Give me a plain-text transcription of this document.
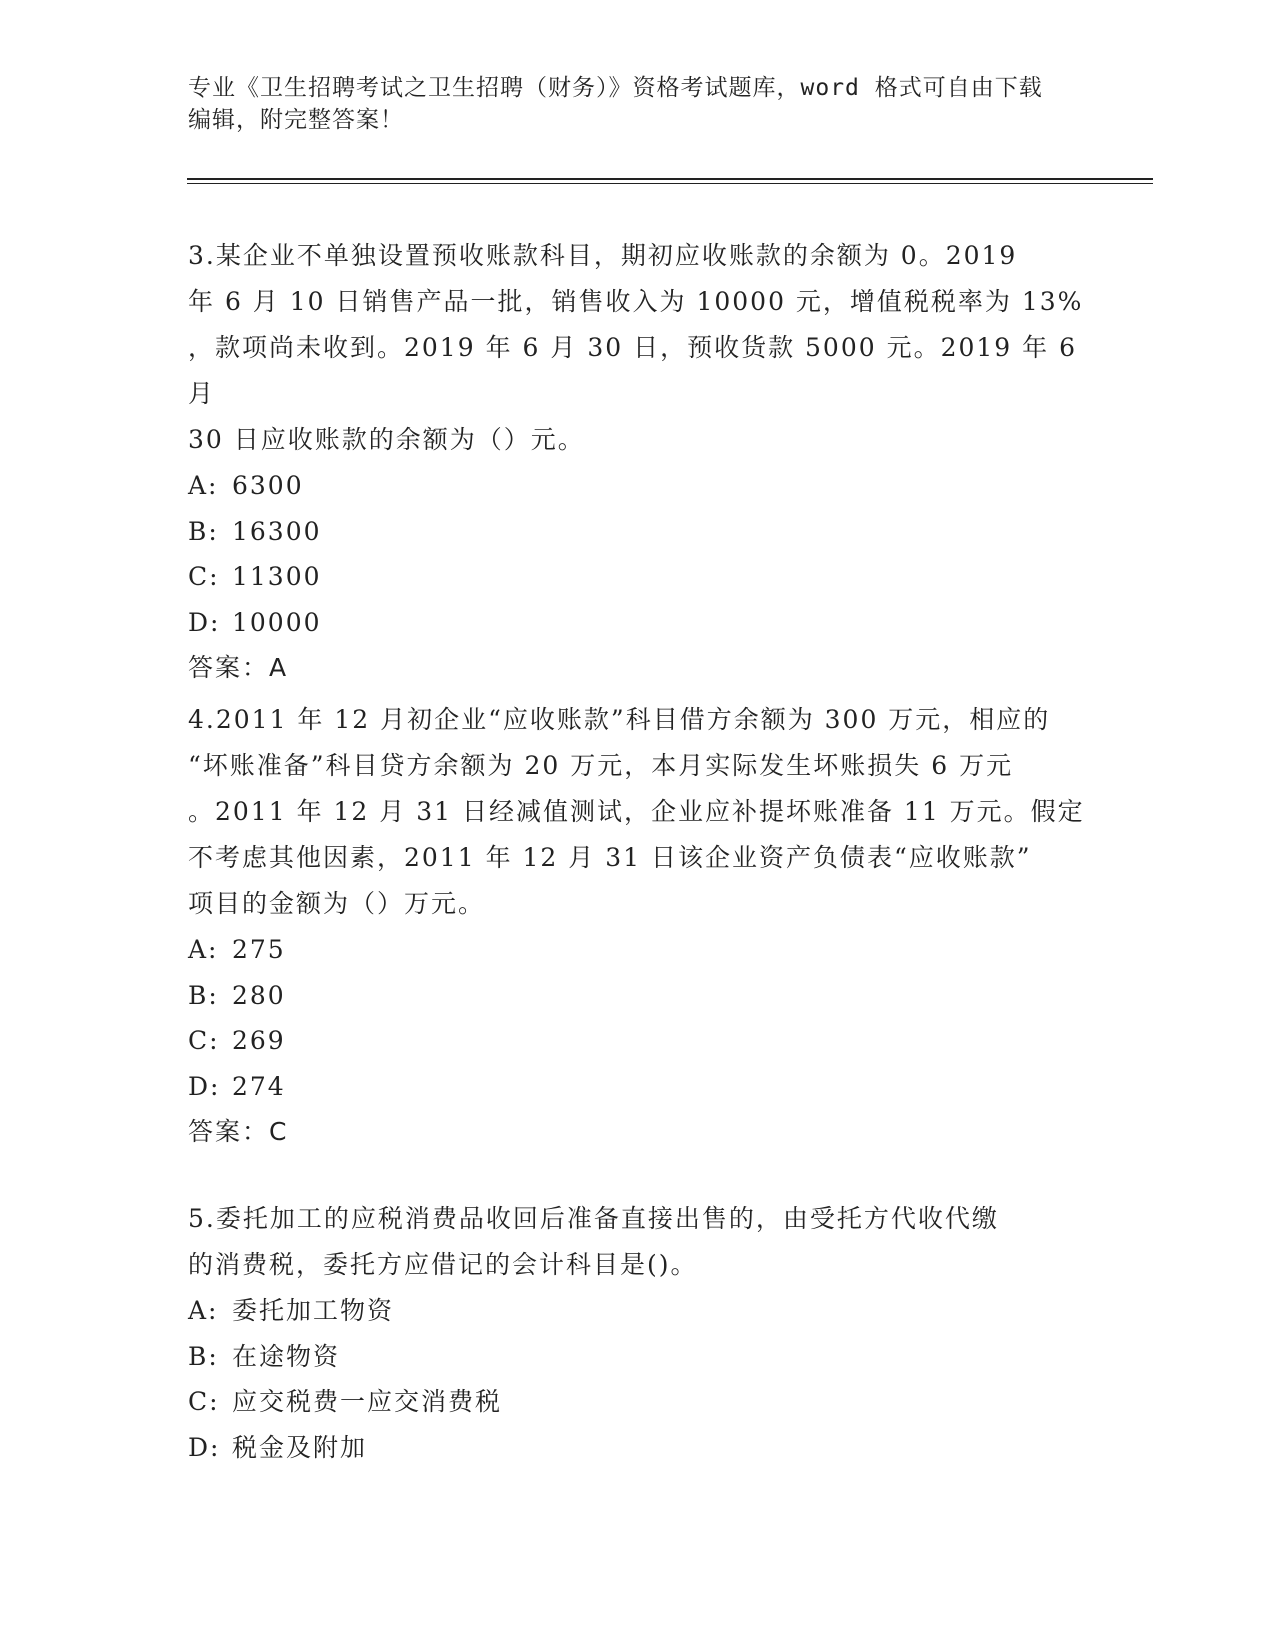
专业《卫生招聘考试之卫生招聘（财务）》资格考试题库，word 格式可自由下载
编辑，附完整答案！
3.某企业不单独设置预收账款科目，期初应收账款的余额为 0。2019
年 6 月 10 日销售产品一批，销售收入为 10000 元，增值税税率为 13%
，款项尚未收到。2019 年 6 月 30 日，预收货款 5000 元。2019 年 6 月
30 日应收账款的余额为（）元。
A: 6300
B: 16300
C: 11300
D: 10000
答案：A
4.2011 年 12 月初企业“应收账款”科目借方余额为 300 万元，相应的
“坏账准备”科目贷方余额为 20 万元，本月实际发生坏账损失 6 万元
。2011 年 12 月 31 日经减值测试，企业应补提坏账准备 11 万元。假定
不考虑其他因素，2011 年 12 月 31 日该企业资产负债表“应收账款”
项目的金额为（）万元。
A: 275
B: 280
C: 269
D: 274
答案：C
5.委托加工的应税消费品收回后准备直接出售的，由受托方代收代缴
的消费税，委托方应借记的会计科目是()。
A: 委托加工物资
B: 在途物资
C: 应交税费一应交消费税
D: 税金及附加
